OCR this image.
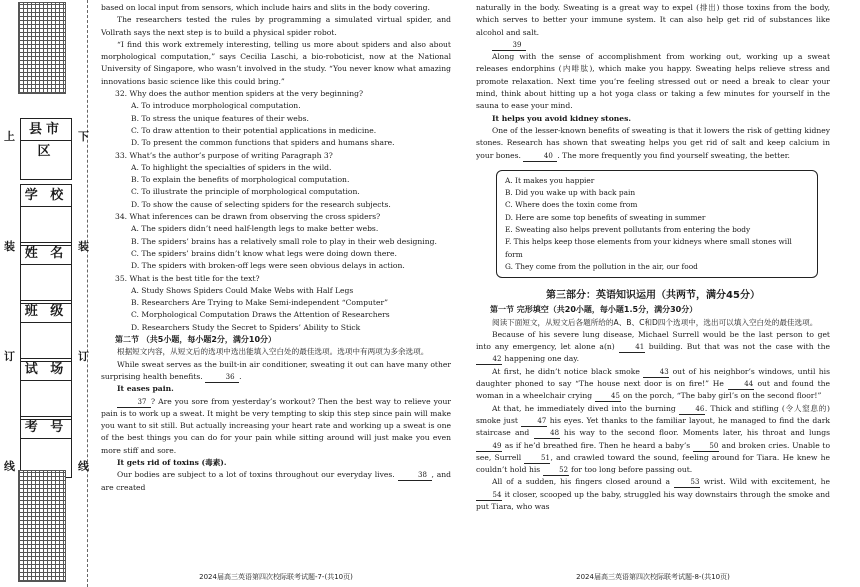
上	下
装	装
订	订
线	线
县市区
学 校
姓 名
班 级
试 场
考 号

based on local input from sensors, which include hairs and slits in the body covering.

The researchers tested the rules by programming a simulated virtual spider, and Vollrath says the next step is to build a physical spider robot.

“I find this work extremely interesting, telling us more about spiders and also about morphological computation,” says Cecilia Laschi, a bio-roboticist, now at the National University of Singapore, who wasn’t involved in the study. “You never know what amazing innovations basic science like this could bring.”

32. Why does the author mention spiders at the very beginning?

A. To introduce morphological computation.

B. To stress the unique features of their webs.

C. To draw attention to their potential applications in medicine.

D. To present the common functions that spiders and humans share.

33. What’s the author’s purpose of writing Paragraph 3?

A. To highlight the specialties of spiders in the wild.

B. To explain the benefits of morphological computation.

C. To illustrate the principle of morphological computation.

D. To show the cause of selecting spiders for the research subjects.

34. What inferences can be drawn from observing the cross spiders?

A. The spiders didn’t need half-length legs to make better webs.

B. The spiders’ brains has a relatively small role to play in their web designing.

C. The spiders’ brains didn’t know what legs were doing down there.

D. The spiders with broken-off legs were seen obvious delays in action.

35. What is the best title for the text?

A. Study Shows Spiders Could Make Webs with Half Legs

B. Researchers Are Trying to Make Semi-independent “Computer”

C. Morphological Computation Draws the Attention of Researchers

D. Researchers Study the Secret to Spiders’ Ability to Stick

第二节 （共5小题，每小题2分，满分10分）

根据短文内容，从短文后的选项中选出能填入空白处的最佳选项。选项中有两项为多余选项。

While sweat serves as the built-in air conditioner, sweating it out can have many other surprising health benefits.	36 .

It eases pain.

37 ? Are you sore from yesterday’s workout? Then the best way to relieve your pain is to work up a sweat. It might be very tempting to skip this step since pain will make you want to sit still. But actually increasing your heart rate and working up a sweat is one of the best things you can do for your pain while sitting around will just make you even more stiff and sore.

It gets rid of toxins (毒素).

Our bodies are subject to a lot of toxins throughout our everyday lives.	38 , and are created

2024届高三英语第四次校际联考试题-7-(共10页)

naturally in the body. Sweating is a great way to expel (排出) those toxins from the body, which serves to better your immune system. It can also help get rid of substances like alcohol and salt.

39

Along with the sense of accomplishment from working out, working up a sweat releases endorphins (内啡肽), which make you happy. Sweating helps relieve stress and promote relaxation. Next time you’re feeling stressed out or need a break to clear your mind, think about hitting up a hot yoga class or taking a few minutes for yourself in the sauna to ease your mind.

It helps you avoid kidney stones.

One of the lesser-known benefits of sweating is that it lowers the risk of getting kidney stones. Research has shown that sweating helps you get rid of salt and keep calcium in your bones.	40 . The more frequently you find yourself sweating, the better.

A. It makes you happier

B. Did you wake up with back pain

C. Where does the toxin come from

D. Here are some top benefits of sweating in summer

E. Sweating also helps prevent pollutants from entering the body

F. This helps keep those elements from your kidneys where small stones will form

G. They come from the pollution in the air, our food

第三部分：英语知识运用（共两节，满分45分）

第一节 完形填空（共20小题，每小题1.5分，满分30分）

阅读下面短文，从短文后各题所给的A、B、C和D四个选项中，选出可以填入空白处的最佳选项。

Because of his severe lung disease, Michael Surrell would be the last person to get into any emergency, let alone a(n)	41 building. But that was not the case with the 42 happening one day.

At first, he didn’t notice black smoke	43 out of his neighbor’s windows, until his daughter phoned to say “The house next door is on fire!” He	44 out and found the woman in a wheelchair crying	45 on the porch, “The baby girl’s on the second floor!”

At that, he immediately dived into the burning	46. Thick and stifling (令人窒息的) smoke just	47 his eyes. Yet thanks to the familiar layout, he managed to find the dark staircase and	48 his way to the second floor. Moments later, his throat and lungs 49 as if he’d breathed fire. Then he heard a baby’s	50 and broken cries. Unable to see, Surrell	51, and crawled toward the sound, feeling around for Tiara. He knew he couldn’t hold his	52 for too long before passing out.

All of a sudden, his fingers closed around a	53 wrist. Wild with excitement, he 54 it closer, scooped up the baby, struggled his way downstairs through the smoke and put Tiara, who was

2024届高三英语第四次校际联考试题-8-(共10页)
